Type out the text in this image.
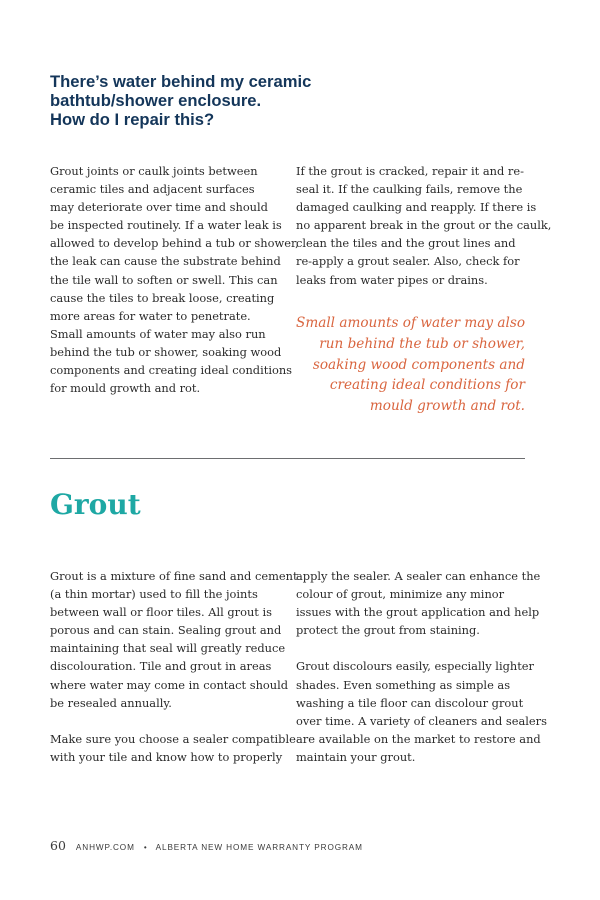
There’s water behind my ceramic
bathtub/shower enclosure.
How do I repair this?
Grout joints or caulk joints between
ceramic tiles and adjacent surfaces
may deteriorate over time and should
be inspected routinely. If a water leak is
allowed to develop behind a tub or shower,
the leak can cause the substrate behind
the tile wall to soften or swell. This can
cause the tiles to break loose, creating
more areas for water to penetrate.
Small amounts of water may also run
behind the tub or shower, soaking wood
components and creating ideal conditions
for mould growth and rot.
If the grout is cracked, repair it and re-
seal it. If the caulking fails, remove the
damaged caulking and reapply. If there is
no apparent break in the grout or the caulk,
clean the tiles and the grout lines and
re-apply a grout sealer. Also, check for
leaks from water pipes or drains.
Small amounts of water may also
run behind the tub or shower,
soaking wood components and
creating ideal conditions for
mould growth and rot.
Grout
Grout is a mixture of fine sand and cement
(a thin mortar) used to fill the joints
between wall or floor tiles. All grout is
porous and can stain. Sealing grout and
maintaining that seal will greatly reduce
discolouration. Tile and grout in areas
where water may come in contact should
be resealed annually.
Make sure you choose a sealer compatible
with your tile and know how to properly
apply the sealer. A sealer can enhance the
colour of grout, minimize any minor
issues with the grout application and help
protect the grout from staining.
Grout discolours easily, especially lighter
shades. Even something as simple as
washing a tile floor can discolour grout
over time. A variety of cleaners and sealers
are available on the market to restore and
maintain your grout.
60 ANHWP.COM • ALBERTA NEW HOME WARRANTY PROGRAM
